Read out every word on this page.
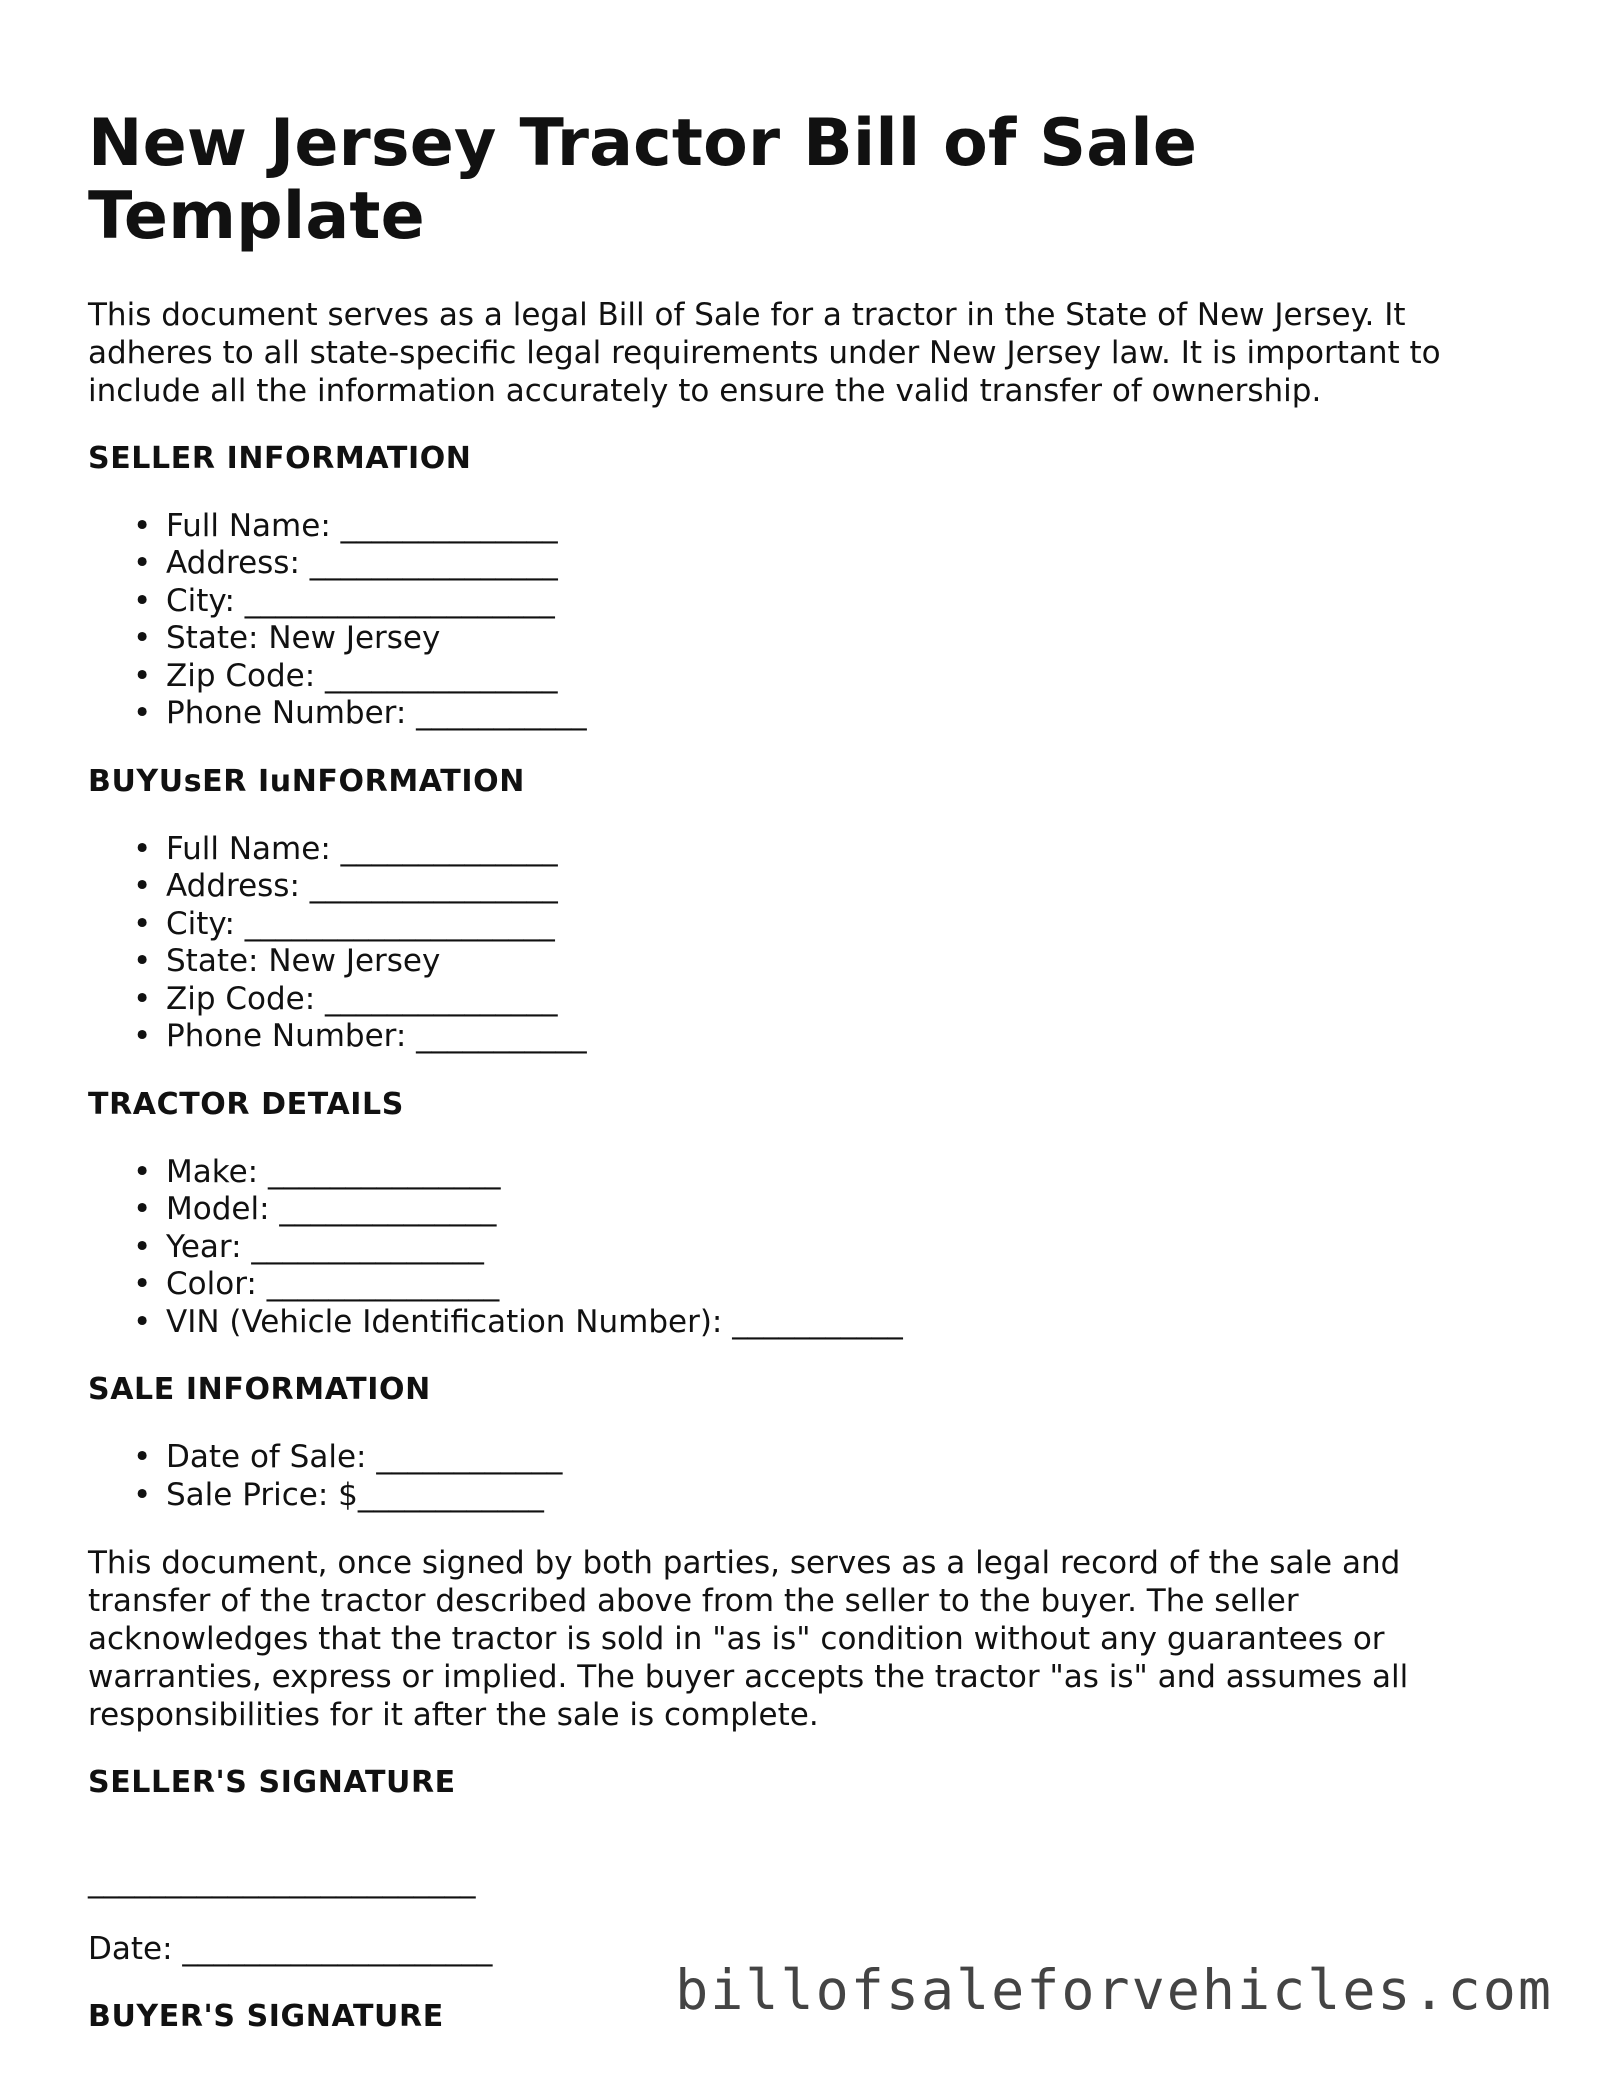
New Jersey Tractor Bill of Sale Template

This document serves as a legal Bill of Sale for a tractor in the State of New Jersey. It adheres to all state-specific legal requirements under New Jersey law. It is important to include all the information accurately to ensure the valid transfer of ownership.

SELLER INFORMATION
• Full Name: ______________
• Address: ________________
• City: ____________________
• State: New Jersey
• Zip Code: _______________
• Phone Number: ___________
BUYUsER IuNFORMATION
• Full Name: ______________
• Address: ________________
• City: ____________________
• State: New Jersey
• Zip Code: _______________
• Phone Number: ___________
TRACTOR DETAILS
• Make: _______________
• Model: ______________
• Year: _______________
• Color: _______________
• VIN (Vehicle Identification Number): ___________
SALE INFORMATION
• Date of Sale: ____________
• Sale Price: $____________

This document, once signed by both parties, serves as a legal record of the sale and transfer of the tractor described above from the seller to the buyer. The seller acknowledges that the tractor is sold in "as is" condition without any guarantees or warranties, express or implied. The buyer accepts the tractor "as is" and assumes all responsibilities for it after the sale is complete.

SELLER'S SIGNATURE
_________________________
Date: ____________________
BUYER'S SIGNATURE	billofsaleforvehicles.com
